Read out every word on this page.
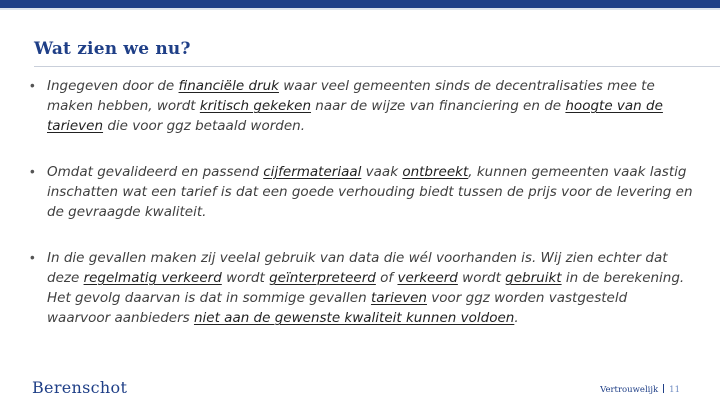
Wat zien we nu?
• Ingegeven door de financiële druk waar veel gemeenten sinds de decentralisaties mee te maken hebben, wordt kritisch gekeken naar de wijze van financiering en de hoogte van de tarieven die voor ggz betaald worden.
• Omdat gevalideerd en passend cijfermateriaal vaak ontbreekt, kunnen gemeenten vaak lastig inschatten wat een tarief is dat een goede verhouding biedt tussen de prijs voor de levering en de gevraagde kwaliteit.
• In die gevallen maken zij veelal gebruik van data die wél voorhanden is. Wij zien echter dat deze regelmatig verkeerd wordt geïnterpreteerd of verkeerd wordt gebruikt in de berekening. Het gevolg daarvan is dat in sommige gevallen tarieven voor ggz worden vastgesteld waarvoor aanbieders niet aan de gewenste kwaliteit kunnen voldoen.
Berenschot	Vertrouwelijk 11
